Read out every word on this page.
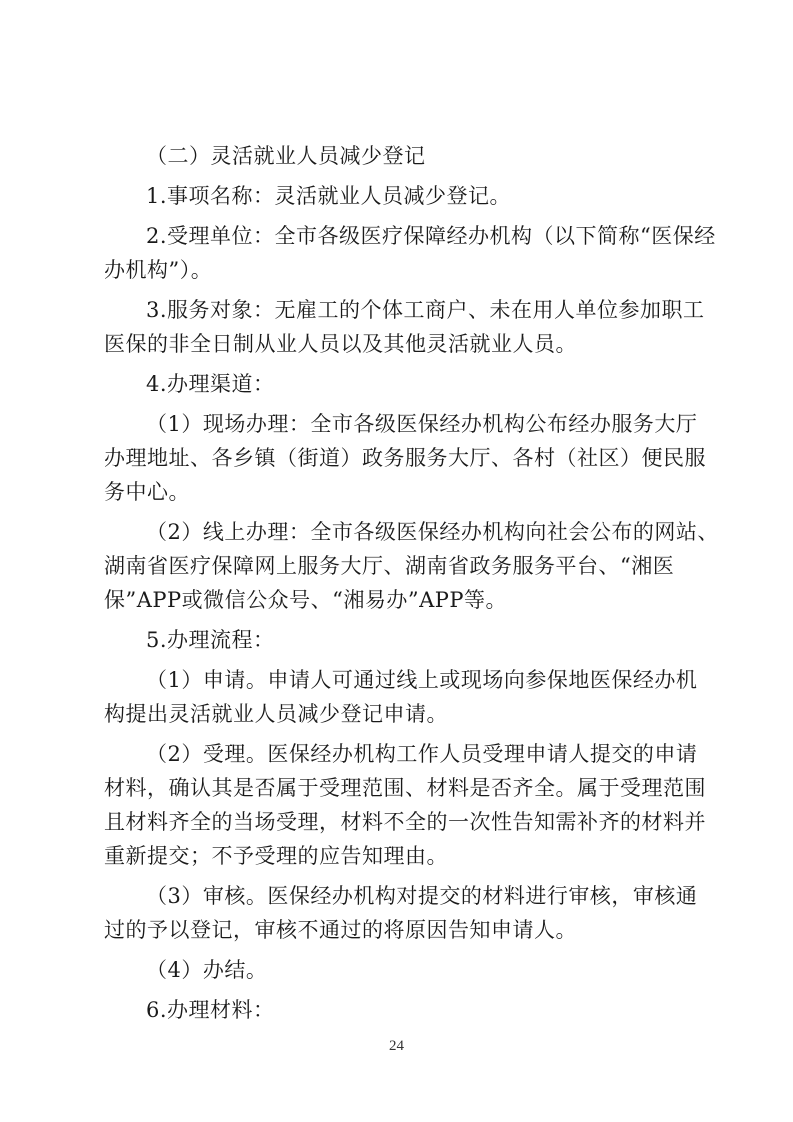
（二）灵活就业人员减少登记

1.事项名称：灵活就业人员减少登记。

2.受理单位：全市各级医疗保障经办机构（以下简称“医保经
办机构”）。

3.服务对象：无雇工的个体工商户、未在用人单位参加职工
医保的非全日制从业人员以及其他灵活就业人员。

4.办理渠道：

（1）现场办理：全市各级医保经办机构公布经办服务大厅
办理地址、各乡镇（街道）政务服务大厅、各村（社区）便民服
务中心。

（2）线上办理：全市各级医保经办机构向社会公布的网站、
湖南省医疗保障网上服务大厅、湖南省政务服务平台、“湘医
保”APP或微信公众号、“湘易办”APP等。

5.办理流程：

（1）申请。申请人可通过线上或现场向参保地医保经办机
构提出灵活就业人员减少登记申请。

（2）受理。医保经办机构工作人员受理申请人提交的申请
材料，确认其是否属于受理范围、材料是否齐全。属于受理范围
且材料齐全的当场受理，材料不全的一次性告知需补齐的材料并
重新提交；不予受理的应告知理由。

（3）审核。医保经办机构对提交的材料进行审核，审核通
过的予以登记，审核不通过的将原因告知申请人。

（4）办结。

6.办理材料：

24
